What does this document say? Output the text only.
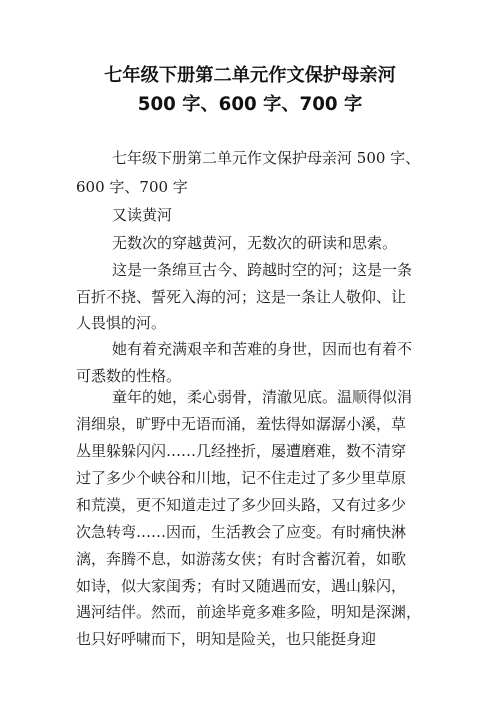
七年级下册第二单元作文保护母亲河
500 字、600 字、700 字
七年级下册第二单元作文保护母亲河 500 字、
600 字、700 字
又读黄河
无数次的穿越黄河，无数次的研读和思索。
这是一条绵亘古今、跨越时空的河；这是一条
百折不挠、誓死入海的河；这是一条让人敬仰、让
人畏惧的河。
她有着充满艰辛和苦难的身世，因而也有着不
可悉数的性格。
童年的她，柔心弱骨，清澈见底。温顺得似涓
涓细泉，旷野中无语而涌，羞怯得如潺潺小溪，草
丛里躲躲闪闪……几经挫折，屡遭磨难，数不清穿
过了多少个峡谷和川地，记不住走过了多少里草原
和荒漠，更不知道走过了多少回头路，又有过多少
次急转弯……因而，生活教会了应变。有时痛快淋
漓，奔腾不息，如游荡女侠；有时含蓄沉着，如歌
如诗，似大家闺秀；有时又随遇而安，遇山躲闪，
遇河结伴。然而，前途毕竟多难多险，明知是深渊，
也只好呼啸而下，明知是险关，也只能挺身迎
